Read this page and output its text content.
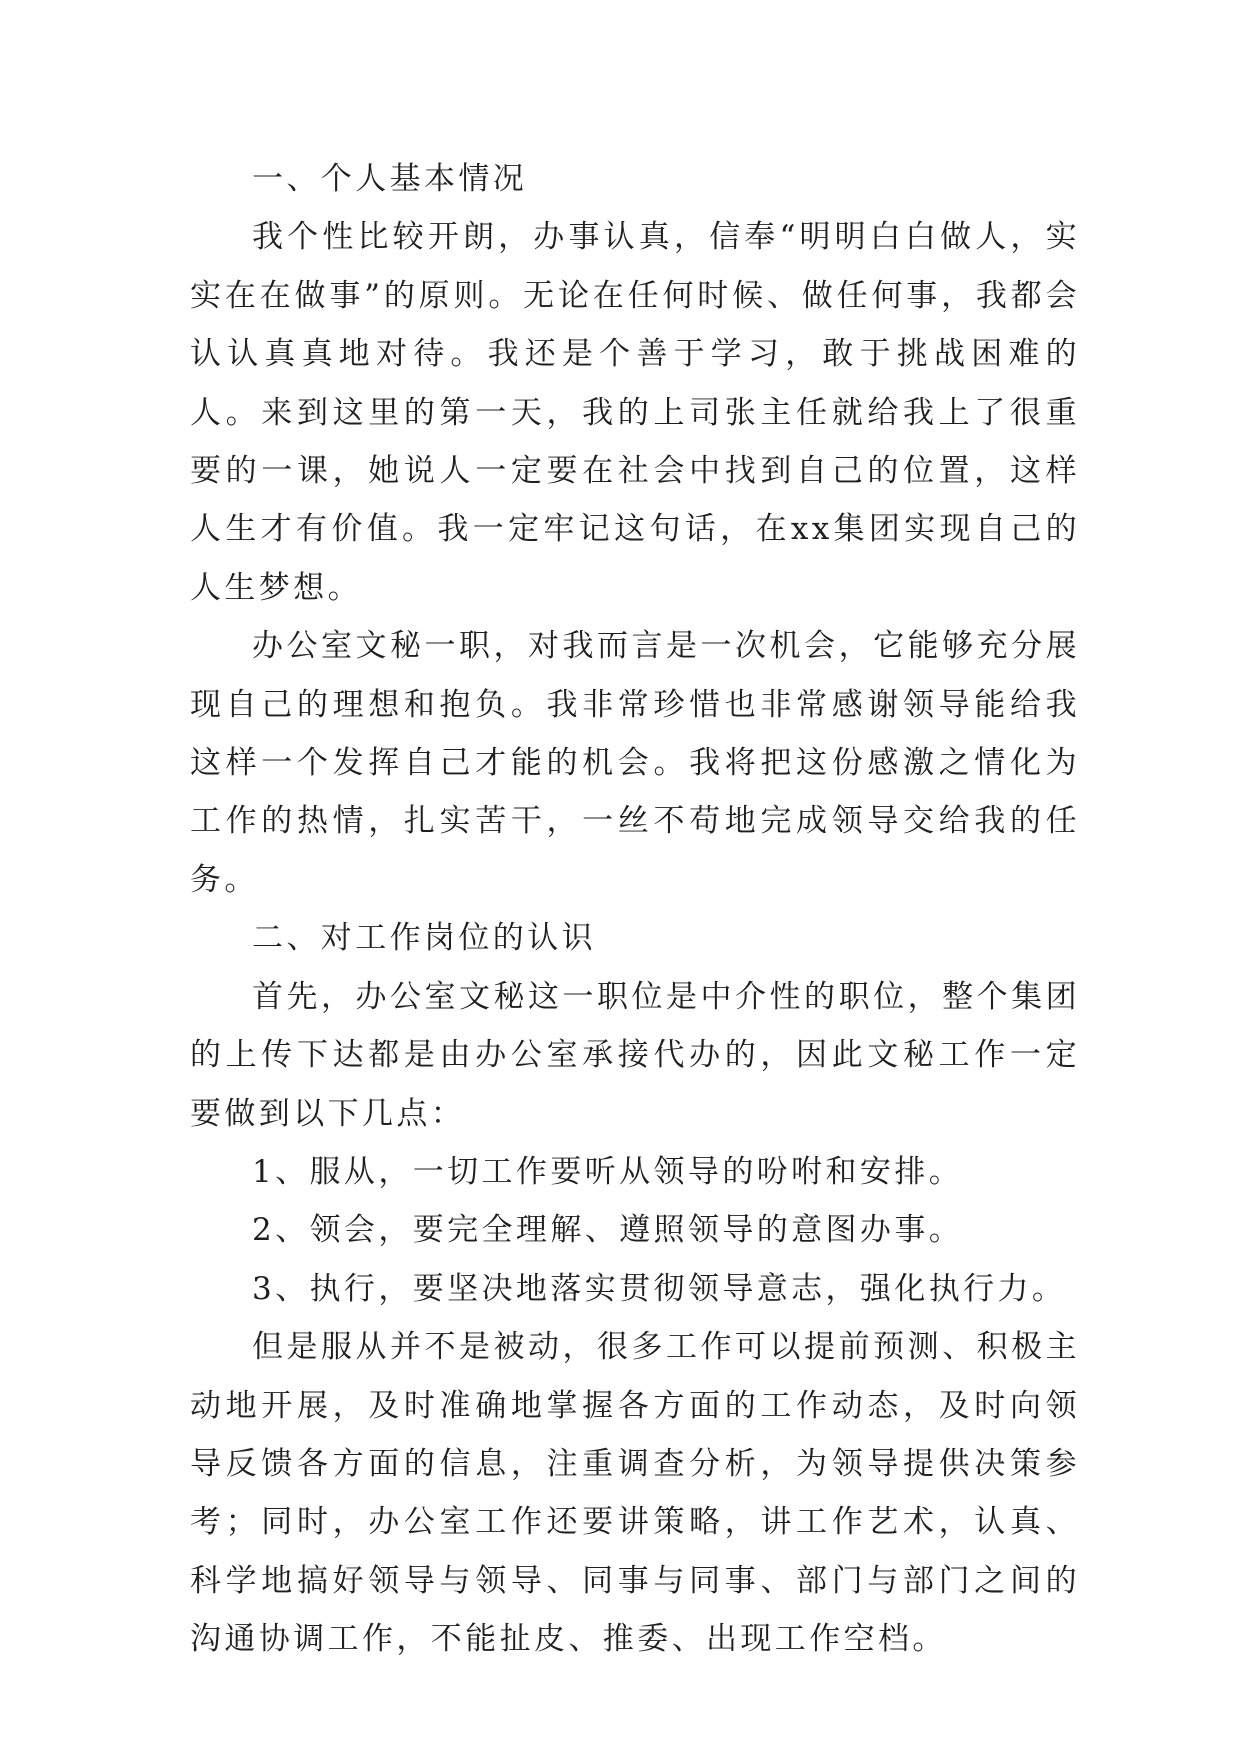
一、个人基本情况

我个性比较开朗，办事认真，信奉“明明白白做人，实实在在做事”的原则。无论在任何时候、做任何事，我都会认认真真地对待。我还是个善于学习，敢于挑战困难的人。来到这里的第一天，我的上司张主任就给我上了很重要的一课，她说人一定要在社会中找到自己的位置，这样人生才有价值。我一定牢记这句话，在xx集团实现自己的人生梦想。

办公室文秘一职，对我而言是一次机会，它能够充分展现自己的理想和抱负。我非常珍惜也非常感谢领导能给我这样一个发挥自己才能的机会。我将把这份感激之情化为工作的热情，扎实苦干，一丝不苟地完成领导交给我的任务。

二、对工作岗位的认识

首先，办公室文秘这一职位是中介性的职位，整个集团的上传下达都是由办公室承接代办的，因此文秘工作一定要做到以下几点：

1、服从，一切工作要听从领导的吩咐和安排。

2、领会，要完全理解、遵照领导的意图办事。

3、执行，要坚决地落实贯彻领导意志，强化执行力。

但是服从并不是被动，很多工作可以提前预测、积极主动地开展，及时准确地掌握各方面的工作动态，及时向领导反馈各方面的信息，注重调查分析，为领导提供决策参考；同时，办公室工作还要讲策略，讲工作艺术，认真、科学地搞好领导与领导、同事与同事、部门与部门之间的沟通协调工作，不能扯皮、推委、出现工作空档。
